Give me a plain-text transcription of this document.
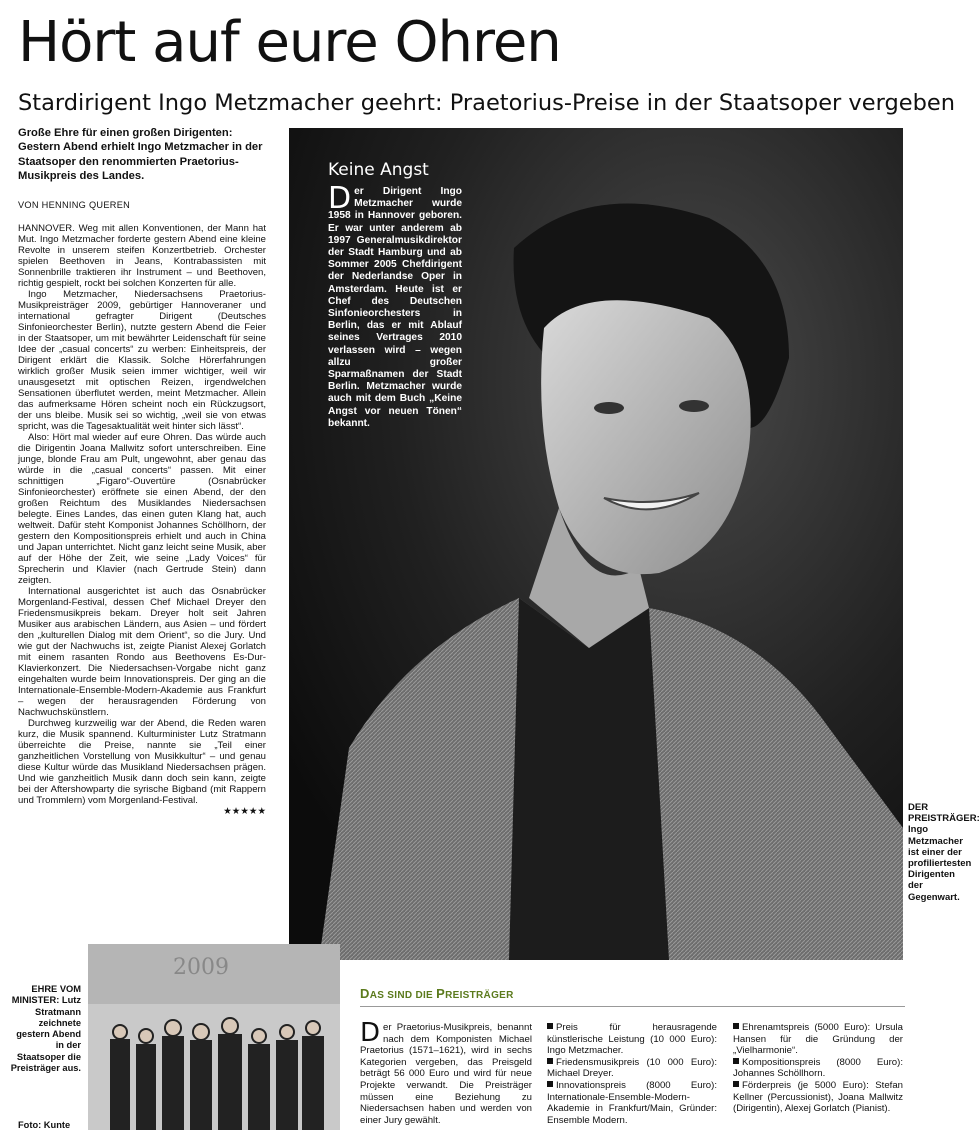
Hört auf eure Ohren
Stardirigent Ingo Metzmacher geehrt: Praetorius-Preise in der Staatsoper vergeben
Große Ehre für einen großen Dirigenten: Gestern Abend erhielt Ingo Metzmacher in der Staatsoper den renommierten Praetorius-Musikpreis des Landes.
VON HENNING QUEREN

HANNOVER. Weg mit allen Konventionen, der Mann hat Mut. Ingo Metzmacher forderte gestern Abend eine kleine Revolte in unserem steifen Konzertbetrieb. Orchester spielen Beethoven in Jeans, Kontrabassisten mit Sonnenbrille traktieren ihr Instrument – und Beethoven, richtig gespielt, rockt bei solchen Konzerten für alle.

Ingo Metzmacher, Niedersachsens Praetorius-Musikpreisträger 2009, gebürtiger Hannoveraner und international gefragter Dirigent (Deutsches Sinfonieorchester Berlin), nutzte gestern Abend die Feier in der Staatsoper, um mit bewährter Leidenschaft für seine Idee der „casual concerts“ zu werben: Einheitspreis, der Dirigent erklärt die Klassik. Solche Hörerfahrungen wirklich großer Musik seien immer wichtiger, weil wir unausgesetzt mit optischen Reizen, irgendwelchen Sensationen überflutet werden, meint Metzmacher. Allein das aufmerksame Hören scheint noch ein Rückzugsort, der uns bleibe. Musik sei so wichtig, „weil sie von etwas spricht, was die Tagesaktualität weit hinter sich lässt“.

Also: Hört mal wieder auf eure Ohren. Das würde auch die Dirigentin Joana Mallwitz sofort unterschreiben. Eine junge, blonde Frau am Pult, ungewohnt, aber genau das würde in die „casual concerts“ passen. Mit einer schnittigen „Figaro“-Ouvertüre (Osnabrücker Sinfonieorchester) eröffnete sie einen Abend, der den großen Reichtum des Musiklandes Niedersachsen belegte. Eines Landes, das einen guten Klang hat, auch weltweit. Dafür steht Komponist Johannes Schöllhorn, der gestern den Kompositionspreis erhielt und auch in China und Japan unterrichtet. Nicht ganz leicht seine Musik, aber auf der Höhe der Zeit, wie seine „Lady Voices“ für Sprecherin und Klavier (nach Gertrude Stein) dann zeigten.

International ausgerichtet ist auch das Osnabrücker Morgenland-Festival, dessen Chef Michael Dreyer den Friedensmusikpreis bekam. Dreyer holt seit Jahren Musiker aus arabischen Ländern, aus Asien – und fördert den „kulturellen Dialog mit dem Orient“, so die Jury. Und wie gut der Nachwuchs ist, zeigte Pianist Alexej Gorlatch mit einem rasanten Rondo aus Beethovens Es-Dur-Klavierkonzert. Die Niedersachsen-Vorgabe nicht ganz eingehalten wurde beim Innovationspreis. Der ging an die Internationale-Ensemble-Modern-Akademie aus Frankfurt – wegen der herausragenden Förderung von Nachwuchskünstlern.

Durchweg kurzweilig war der Abend, die Reden waren kurz, die Musik spannend. Kulturminister Lutz Stratmann überreichte die Preise, nannte sie „Teil einer ganzheitlichen Vorstellung von Musikkultur“ – und genau diese Kultur würde das Musikland Niedersachsen prägen. Und wie ganzheitlich Musik dann doch sein kann, zeigte bei der Aftershowparty die syrische Bigband (mit Rappern und Trommlern) vom Morgenland-Festival.

★★★★★
Keine Angst

Der Dirigent Ingo Metzmacher wurde 1958 in Hannover geboren. Er war unter anderem ab 1997 Generalmusikdirektor der Stadt Hamburg und ab Sommer 2005 Chefdirigent der Nederlandse Oper in Amsterdam. Heute ist er Chef des Deutschen Sinfonieorchesters in Berlin, das er mit Ablauf seines Vertrages 2010 verlassen wird – wegen allzu großer Sparmaßnamen der Stadt Berlin. Metzmacher wurde auch mit dem Buch „Keine Angst vor neuen Tönen“ bekannt.

DER PREISTRÄGER: Ingo Metzmacher ist einer der profiliertesten Dirigenten der Gegenwart.
2009
EHRE VOM MINISTER: Lutz Stratmann zeichnete gestern Abend in der Staatsoper die Preisträger aus.
Foto: Kunte
DAS SIND DIE PREISTRÄGER

Der Praetorius-Musikpreis, benannt nach dem Komponisten Michael Praetorius (1571–1621), wird in sechs Kategorien vergeben, das Preisgeld beträgt 56 000 Euro und wird für neue Projekte verwandt. Die Preisträger müssen eine Beziehung zu Niedersachsen haben und werden von einer Jury gewählt.

Preis für herausragende künstlerische Leistung (10 000 Euro): Ingo Metzmacher.

Friedensmusikpreis (10 000 Euro): Michael Dreyer.

Innovationspreis (8000 Euro): Internationale-Ensemble-Modern-Akademie in Frankfurt/Main, Gründer: Ensemble Modern.

Ehrenamtspreis (5000 Euro): Ursula Hansen für die Gründung der „Vielharmonie“.

Kompositionspreis (8000 Euro): Johannes Schöllhorn.

Förderpreis (je 5000 Euro): Stefan Kellner (Percussionist), Joana Mallwitz (Dirigentin), Alexej Gorlatch (Pianist).
